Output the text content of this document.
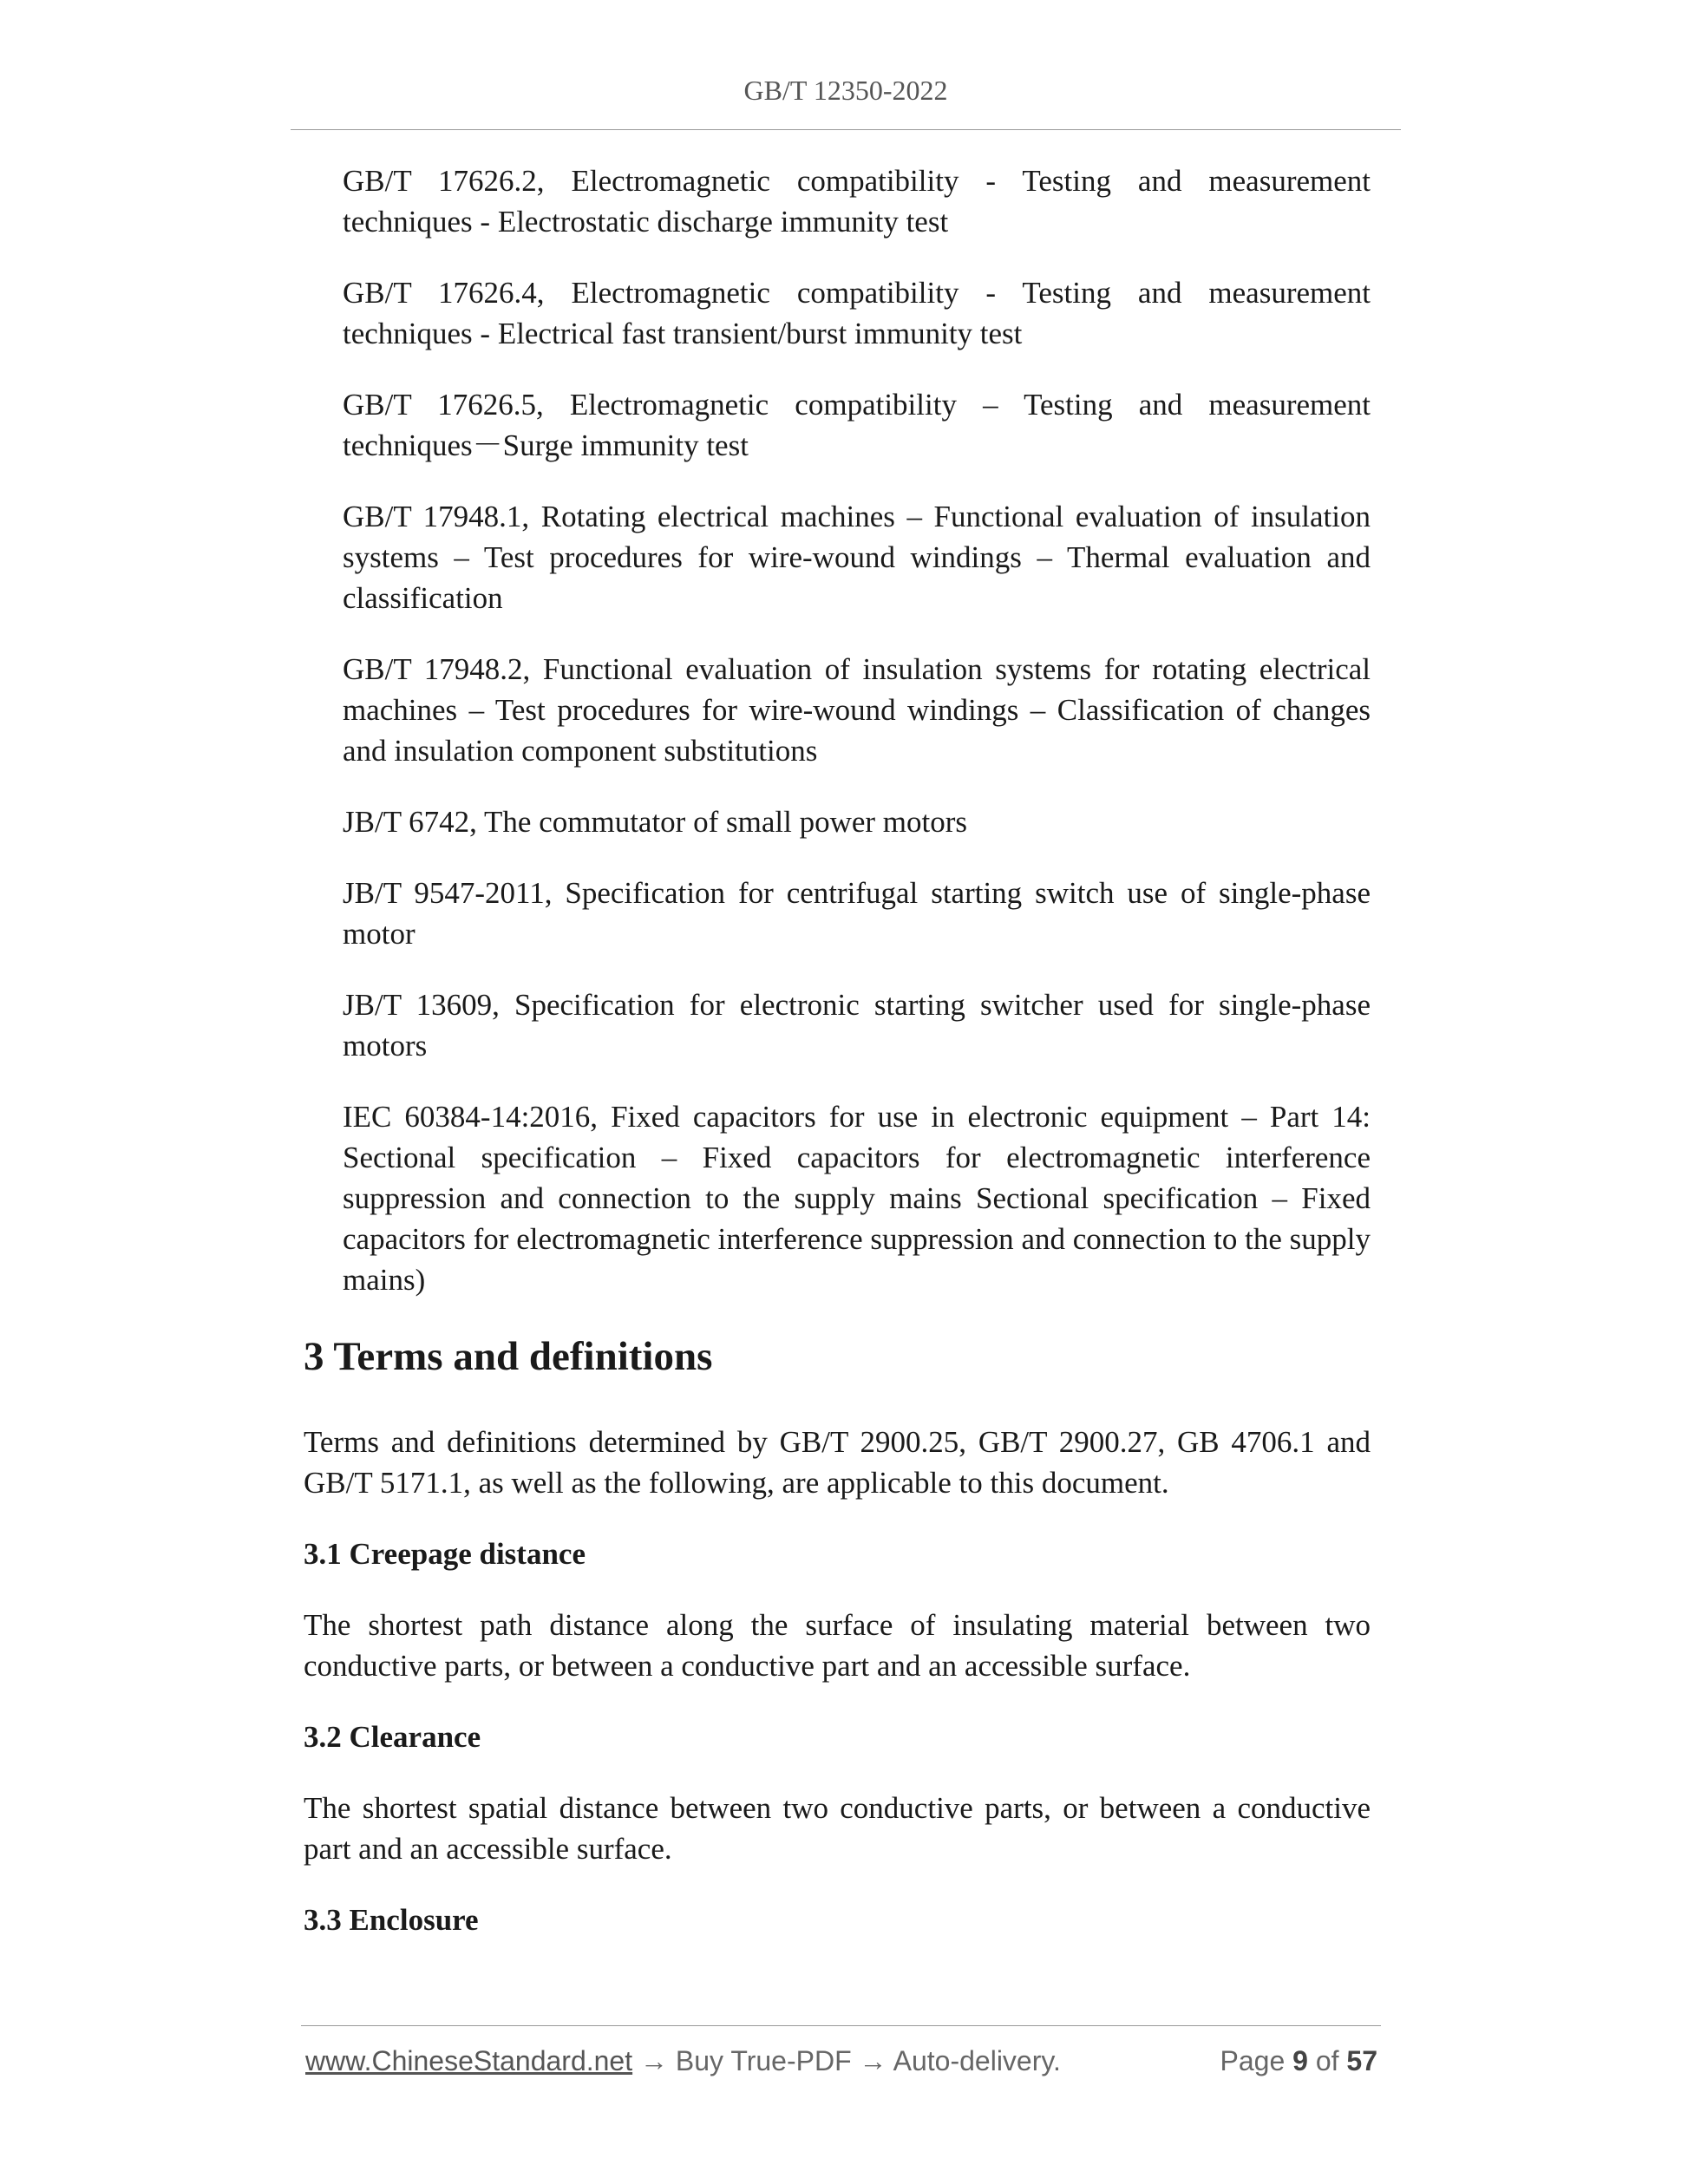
GB/T 12350-2022

GB/T 17626.2, Electromagnetic compatibility - Testing and measurement techniques - Electrostatic discharge immunity test

GB/T 17626.4, Electromagnetic compatibility - Testing and measurement techniques - Electrical fast transient/burst immunity test

GB/T 17626.5, Electromagnetic compatibility – Testing and measurement techniques－Surge immunity test

GB/T 17948.1, Rotating electrical machines – Functional evaluation of insulation systems – Test procedures for wire-wound windings – Thermal evaluation and classification

GB/T 17948.2, Functional evaluation of insulation systems for rotating electrical machines – Test procedures for wire-wound windings – Classification of changes and insulation component substitutions

JB/T 6742, The commutator of small power motors

JB/T 9547-2011, Specification for centrifugal starting switch use of single-phase motor

JB/T 13609, Specification for electronic starting switcher used for single-phase motors

IEC 60384-14:2016, Fixed capacitors for use in electronic equipment – Part 14: Sectional specification – Fixed capacitors for electromagnetic interference suppression and connection to the supply mains Sectional specification – Fixed capacitors for electromagnetic interference suppression and connection to the supply mains)

3 Terms and definitions

Terms and definitions determined by GB/T 2900.25, GB/T 2900.27, GB 4706.1 and GB/T 5171.1, as well as the following, are applicable to this document.

3.1 Creepage distance

The shortest path distance along the surface of insulating material between two conductive parts, or between a conductive part and an accessible surface.

3.2 Clearance

The shortest spatial distance between two conductive parts, or between a conductive part and an accessible surface.

3.3 Enclosure
www.ChineseStandard.net → Buy True-PDF → Auto-delivery.	Page 9 of 57
